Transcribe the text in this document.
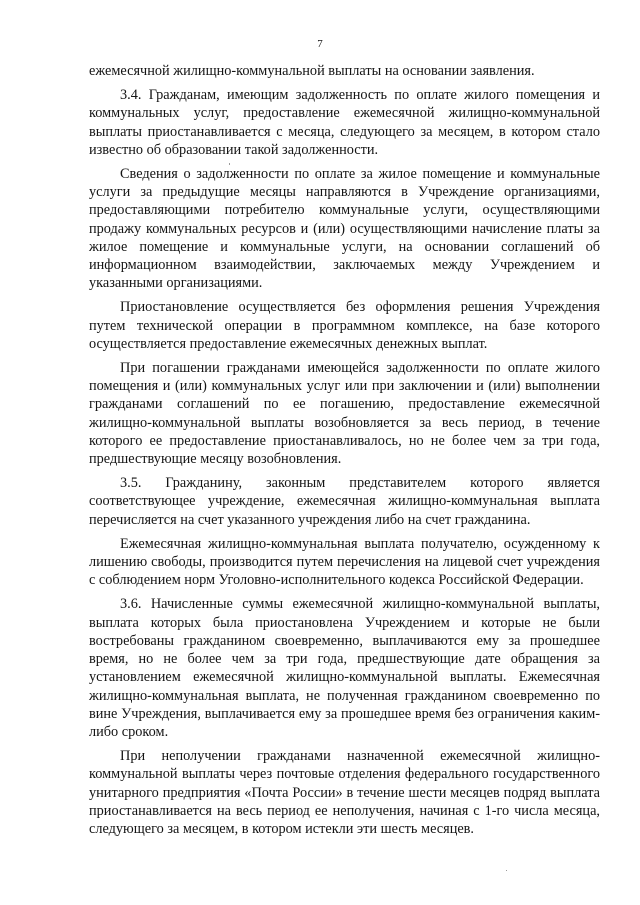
7

ежемесячной жилищно-коммунальной выплаты на основании заявления.

3.4. Гражданам, имеющим задолженность по оплате жилого помещения и коммунальных услуг, предоставление ежемесячной жилищно-коммунальной выплаты приостанавливается с месяца, следующего за месяцем, в котором стало известно об образовании такой задолженности.

Сведения о задолженности по оплате за жилое помещение и коммунальные услуги за предыдущие месяцы направляются в Учреждение организациями, предоставляющими потребителю коммунальные услуги, осуществляющими продажу коммунальных ресурсов и (или) осуществляющими начисление платы за жилое помещение и коммунальные услуги, на основании соглашений об информационном взаимодействии, заключаемых между Учреждением и указанными организациями.

Приостановление осуществляется без оформления решения Учреждения путем технической операции в программном комплексе, на базе которого осуществляется предоставление ежемесячных денежных выплат.

При погашении гражданами имеющейся задолженности по оплате жилого помещения и (или) коммунальных услуг или при заключении и (или) выполнении гражданами соглашений по ее погашению, предоставление ежемесячной жилищно-коммунальной выплаты возобновляется за весь период, в течение которого ее предоставление приостанавливалось, но не более чем за три года, предшествующие месяцу возобновления.

3.5. Гражданину, законным представителем которого является соответствующее учреждение, ежемесячная жилищно-коммунальная выплата перечисляется на счет указанного учреждения либо на счет гражданина.

Ежемесячная жилищно-коммунальная выплата получателю, осужденному к лишению свободы, производится путем перечисления на лицевой счет учреждения с соблюдением норм Уголовно-исполнительного кодекса Российской Федерации.

3.6. Начисленные суммы ежемесячной жилищно-коммунальной выплаты, выплата которых была приостановлена Учреждением и которые не были востребованы гражданином своевременно, выплачиваются ему за прошедшее время, но не более чем за три года, предшествующие дате обращения за установлением ежемесячной жилищно-коммунальной выплаты. Ежемесячная жилищно-коммунальная выплата, не полученная гражданином своевременно по вине Учреждения, выплачивается ему за прошедшее время без ограничения каким-либо сроком.

При неполучении гражданами назначенной ежемесячной жилищно-коммунальной выплаты через почтовые отделения федерального государственного унитарного предприятия «Почта России» в течение шести месяцев подряд выплата приостанавливается на весь период ее неполучения, начиная с 1-го числа месяца, следующего за месяцем, в котором истекли эти шесть месяцев.
